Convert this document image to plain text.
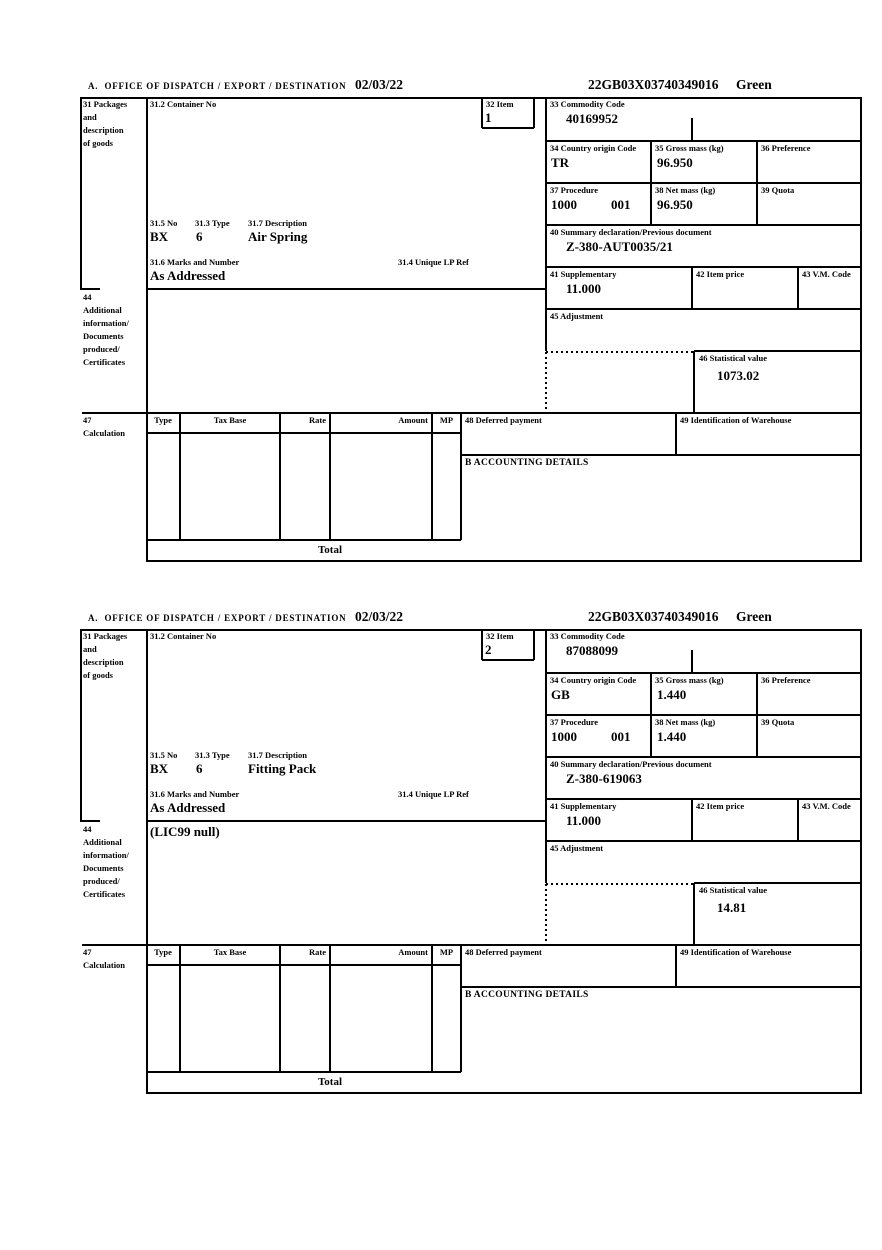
A.  OFFICE OF DISPATCH / EXPORT / DESTINATION 02/03/22	22GB03X03740349016 Green
31 Packages
and
description
of goods
31.2 Container No	32 Item
1
31.5 No 31.3 Type 31.7 Description
BX 6	Air Spring
31.6 Marks and Number	31.4 Unique LP Ref
As Addressed
33 Commodity Code
40169952
34 Country origin Code
TR
35 Gross mass (kg)
96.950
36 Preference
37 Procedure
1000	001
38 Net mass (kg)
96.950
39 Quota
40 Summary declaration/Previous document
Z-380-AUT0035/21
41 Supplementary
11.000
42 Item price	43 V.M. Code
45 Adjustment
46 Statistical value
1073.02
44
Additional
information/
Documents
produced/
Certificates
47
Calculation
Type	Tax Base	Rate	Amount	MP	48 Deferred payment	49 Identification of Warehouse
B ACCOUNTING DETAILS
Total
A.  OFFICE OF DISPATCH / EXPORT / DESTINATION 02/03/22	22GB03X03740349016 Green
31 Packages
and
description
of goods
31.2 Container No	32 Item
2
31.5 No 31.3 Type 31.7 Description
BX 6	Fitting Pack
31.6 Marks and Number	31.4 Unique LP Ref
As Addressed
33 Commodity Code
87088099
34 Country origin Code
GB
35 Gross mass (kg)
1.440
36 Preference
37 Procedure
1000	001
38 Net mass (kg)
1.440
39 Quota
40 Summary declaration/Previous document
Z-380-619063
41 Supplementary
11.000
42 Item price	43 V.M. Code
45 Adjustment
46 Statistical value
14.81
44
Additional
information/
Documents
produced/
Certificates
(LIC99 null)
47
Calculation
Type	Tax Base	Rate	Amount	MP	48 Deferred payment	49 Identification of Warehouse
B ACCOUNTING DETAILS
Total
